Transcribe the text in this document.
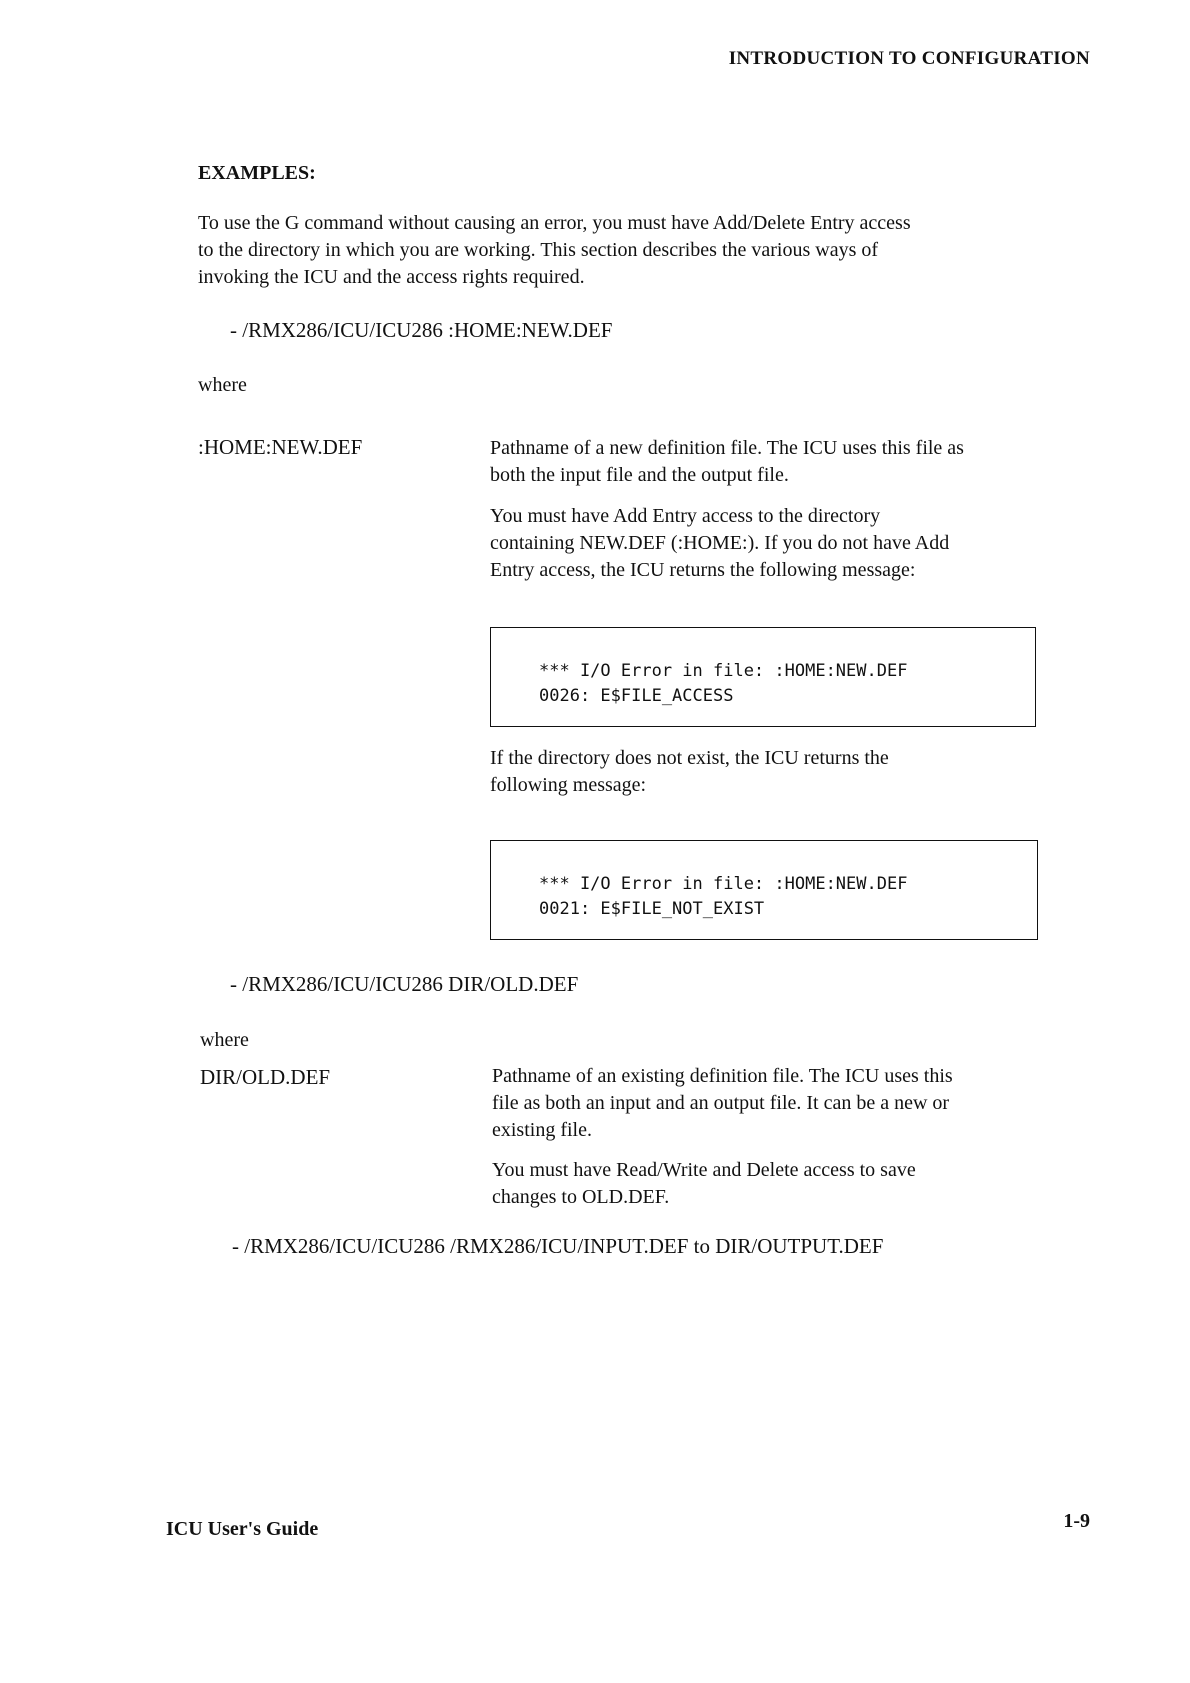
INTRODUCTION TO CONFIGURATION
EXAMPLES:
To use the G command without causing an error, you must have Add/Delete Entry access
to the directory in which you are working. This section describes the various ways of
invoking the ICU and the access rights required.
- /RMX286/ICU/ICU286 :HOME:NEW.DEF
where
:HOME:NEW.DEF	Pathname of a new definition file. The ICU uses this file as
both the input file and the output file.
You must have Add Entry access to the directory
containing NEW.DEF (:HOME:). If you do not have Add
Entry access, the ICU returns the following message:
*** I/O Error in file: :HOME:NEW.DEF
0026: E$FILE_ACCESS
If the directory does not exist, the ICU returns the
following message:
*** I/O Error in file: :HOME:NEW.DEF
0021: E$FILE_NOT_EXIST
- /RMX286/ICU/ICU286 DIR/OLD.DEF
where
DIR/OLD.DEF	Pathname of an existing definition file. The ICU uses this
file as both an input and an output file. It can be a new or
existing file.
You must have Read/Write and Delete access to save
changes to OLD.DEF.
- /RMX286/ICU/ICU286 /RMX286/ICU/INPUT.DEF to DIR/OUTPUT.DEF
ICU User's Guide	1-9
